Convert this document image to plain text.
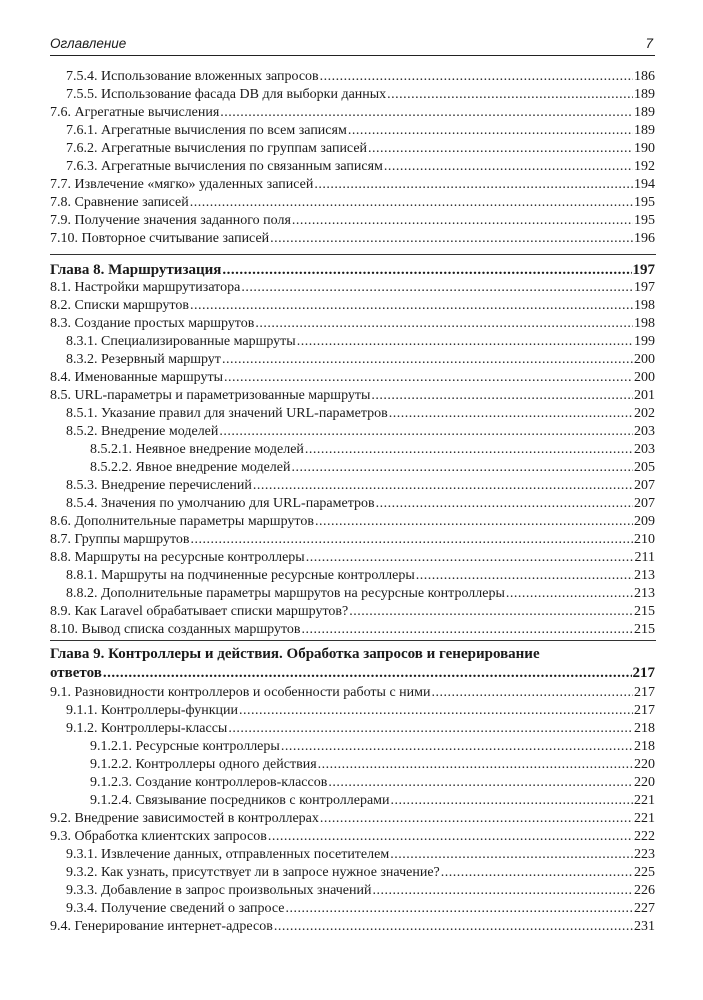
Оглавление	7
7.5.4. Использование вложенных запросов .....	186
7.5.5. Использование фасада DB для выборки данных .....	189
7.6. Агрегатные вычисления .....	189
7.6.1. Агрегатные вычисления по всем записям .....	189
7.6.2. Агрегатные вычисления по группам записей .....	190
7.6.3. Агрегатные вычисления по связанным записям .....	192
7.7. Извлечение «мягко» удаленных записей .....	194
7.8. Сравнение записей .....	195
7.9. Получение значения заданного поля .....	195
7.10. Повторное считывание записей .....	196
Глава 8. Маршрутизация .....	197
8.1. Настройки маршрутизатора .....	197
8.2. Списки маршрутов .....	198
8.3. Создание простых маршрутов .....	198
8.3.1. Специализированные маршруты .....	199
8.3.2. Резервный маршрут .....	200
8.4. Именованные маршруты .....	200
8.5. URL-параметры и параметризованные маршруты .....	201
8.5.1. Указание правил для значений URL-параметров .....	202
8.5.2. Внедрение моделей .....	203
8.5.2.1. Неявное внедрение моделей .....	203
8.5.2.2. Явное внедрение моделей .....	205
8.5.3. Внедрение перечислений .....	207
8.5.4. Значения по умолчанию для URL-параметров .....	207
8.6. Дополнительные параметры маршрутов .....	209
8.7. Группы маршрутов .....	210
8.8. Маршруты на ресурсные контроллеры .....	211
8.8.1. Маршруты на подчиненные ресурсные контроллеры .....	213
8.8.2. Дополнительные параметры маршрутов на ресурсные контроллеры .....	213
8.9. Как Laravel обрабатывает списки маршрутов? .....	215
8.10. Вывод списка созданных маршрутов .....	215
Глава 9. Контроллеры и действия. Обработка запросов и генерирование
ответов .....	217
9.1. Разновидности контроллеров и особенности работы с ними .....	217
9.1.1. Контроллеры-функции .....	217
9.1.2. Контроллеры-классы .....	218
9.1.2.1. Ресурсные контроллеры .....	218
9.1.2.2. Контроллеры одного действия .....	220
9.1.2.3. Создание контроллеров-классов .....	220
9.1.2.4. Связывание посредников с контроллерами .....	221
9.2. Внедрение зависимостей в контроллерах .....	221
9.3. Обработка клиентских запросов .....	222
9.3.1. Извлечение данных, отправленных посетителем .....	223
9.3.2. Как узнать, присутствует ли в запросе нужное значение? .....	225
9.3.3. Добавление в запрос произвольных значений .....	226
9.3.4. Получение сведений о запросе .....	227
9.4. Генерирование интернет-адресов .....	231
